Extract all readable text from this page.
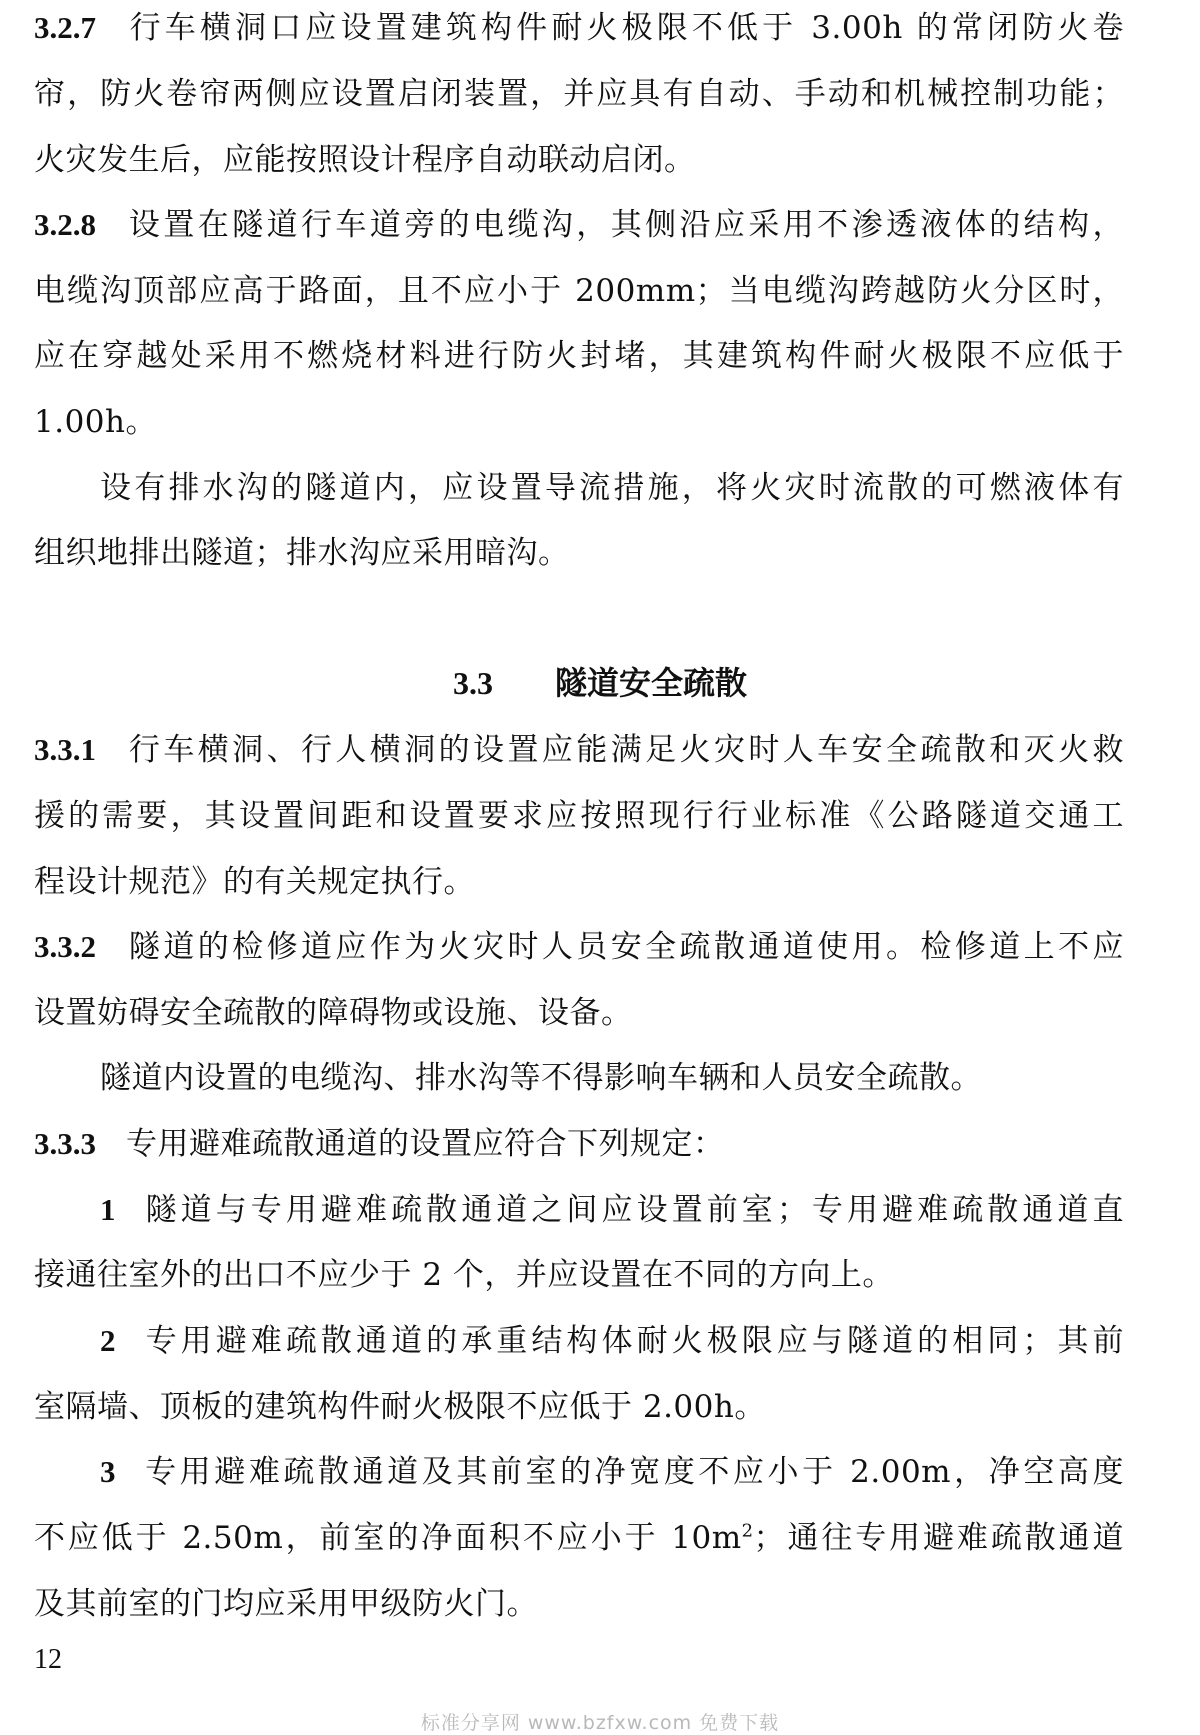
3.2.7 行车横洞口应设置建筑构件耐火极限不低于 3.00h 的常闭防火卷
帘，防火卷帘两侧应设置启闭装置，并应具有自动、手动和机械控制功能；
火灾发生后，应能按照设计程序自动联动启闭。
3.2.8 设置在隧道行车道旁的电缆沟，其侧沿应采用不渗透液体的结构，
电缆沟顶部应高于路面，且不应小于 200mm；当电缆沟跨越防火分区时，
应在穿越处采用不燃烧材料进行防火封堵，其建筑构件耐火极限不应低于
1.00h。
设有排水沟的隧道内，应设置导流措施，将火灾时流散的可燃液体有
组织地排出隧道；排水沟应采用暗沟。
3.3 隧道安全疏散
3.3.1 行车横洞、行人横洞的设置应能满足火灾时人车安全疏散和灭火救
援的需要，其设置间距和设置要求应按照现行行业标准《公路隧道交通工
程设计规范》的有关规定执行。
3.3.2 隧道的检修道应作为火灾时人员安全疏散通道使用。检修道上不应
设置妨碍安全疏散的障碍物或设施、设备。
隧道内设置的电缆沟、排水沟等不得影响车辆和人员安全疏散。
3.3.3 专用避难疏散通道的设置应符合下列规定：
1 隧道与专用避难疏散通道之间应设置前室；专用避难疏散通道直
接通往室外的出口不应少于 2 个，并应设置在不同的方向上。
2 专用避难疏散通道的承重结构体耐火极限应与隧道的相同；其前
室隔墙、顶板的建筑构件耐火极限不应低于 2.00h。
3 专用避难疏散通道及其前室的净宽度不应小于 2.00m，净空高度
不应低于 2.50m，前室的净面积不应小于 $10m^2$；通往专用避难疏散通道
及其前室的门均应采用甲级防火门。
12
标准分享网 www.bzfxw.com 免费下载
